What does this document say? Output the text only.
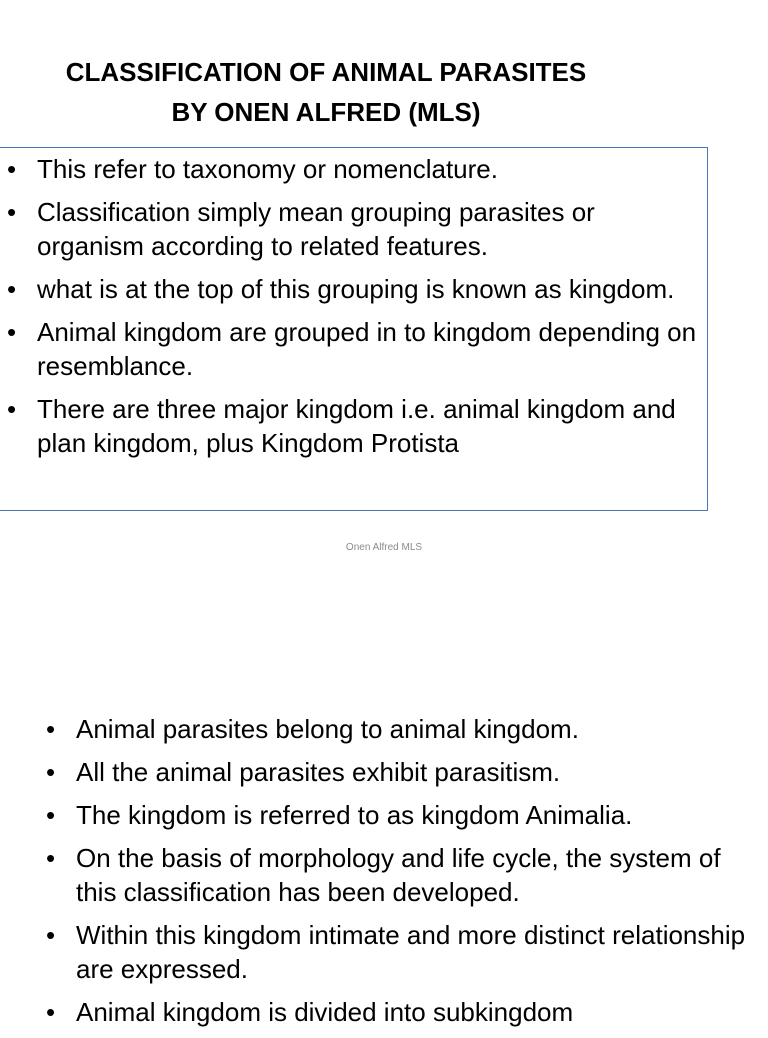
CLASSIFICATION OF ANIMAL PARASITES
BY ONEN ALFRED (MLS)
• This refer to taxonomy or nomenclature.
• Classification simply mean grouping parasites or organism according to related features.
• what is at the top of this grouping is known as kingdom.
• Animal kingdom are grouped in to kingdom depending on resemblance.
• There are three major kingdom i.e. animal kingdom and plan kingdom, plus Kingdom Protista
Onen Alfred MLS
• Animal parasites belong to animal kingdom.
• All the animal parasites exhibit parasitism.
• The kingdom is referred to as kingdom Animalia.
• On the basis of morphology and life cycle, the system of this classification has been developed.
• Within this kingdom intimate and more distinct relationship are expressed.
• Animal kingdom is divided into subkingdom
